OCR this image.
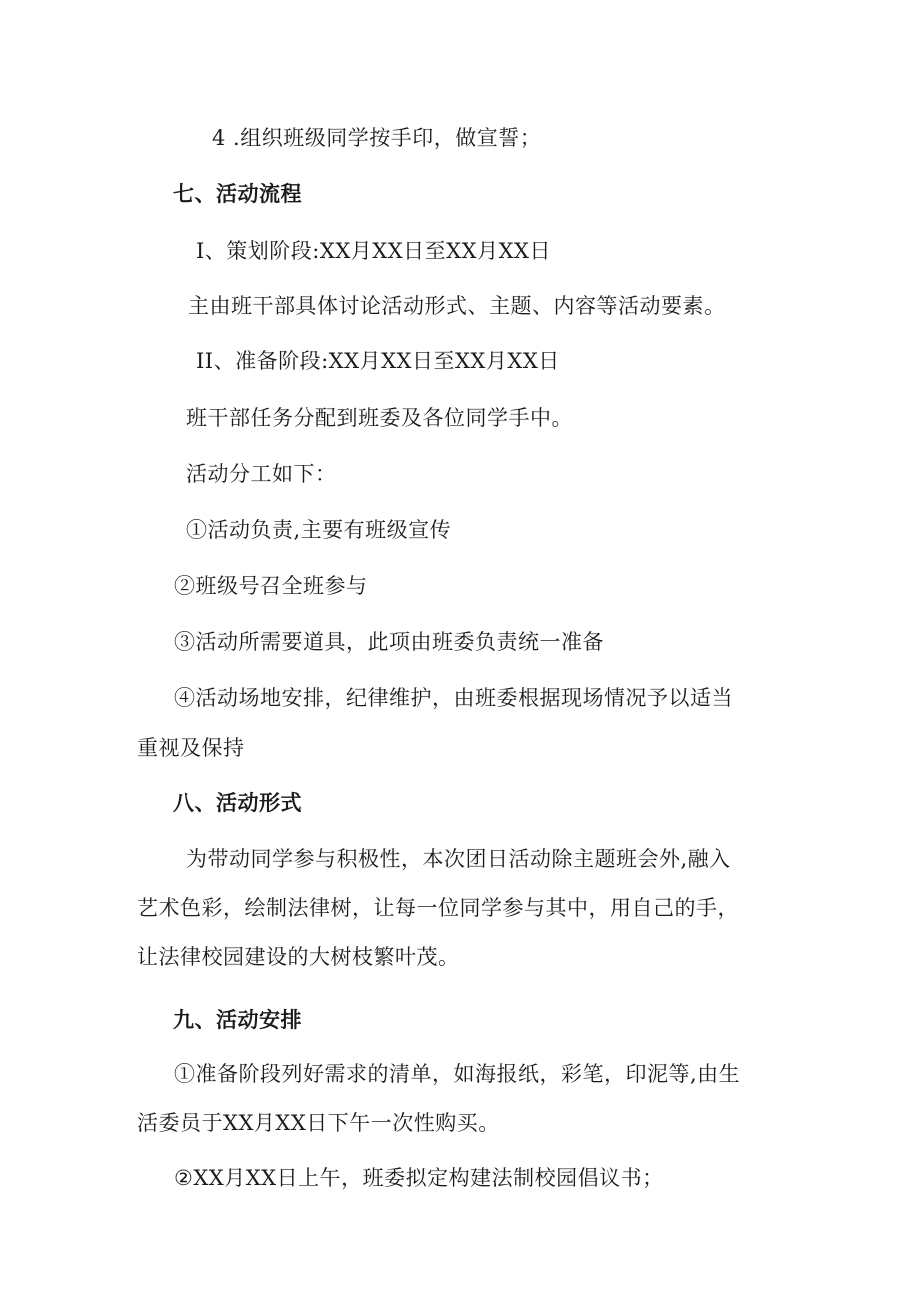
4 .组织班级同学按手印，做宣誓；
七、活动流程
I、策划阶段:XX月XX日至XX月XX日
主由班干部具体讨论活动形式、主题、内容等活动要素。
II、准备阶段:XX月XX日至XX月XX日
班干部任务分配到班委及各位同学手中。
活动分工如下：
①活动负责,主要有班级宣传
②班级号召全班参与
③活动所需要道具，此项由班委负责统一准备
④活动场地安排，纪律维护，由班委根据现场情况予以适当
重视及保持
八、活动形式
为带动同学参与积极性，本次团日活动除主题班会外,融入
艺术色彩，绘制法律树，让每一位同学参与其中，用自己的手，
让法律校园建设的大树枝繁叶茂。
九、活动安排
①准备阶段列好需求的清单，如海报纸，彩笔，印泥等,由生
活委员于XX月XX日下午一次性购买。
②XX月XX日上午，班委拟定构建法制校园倡议书；
